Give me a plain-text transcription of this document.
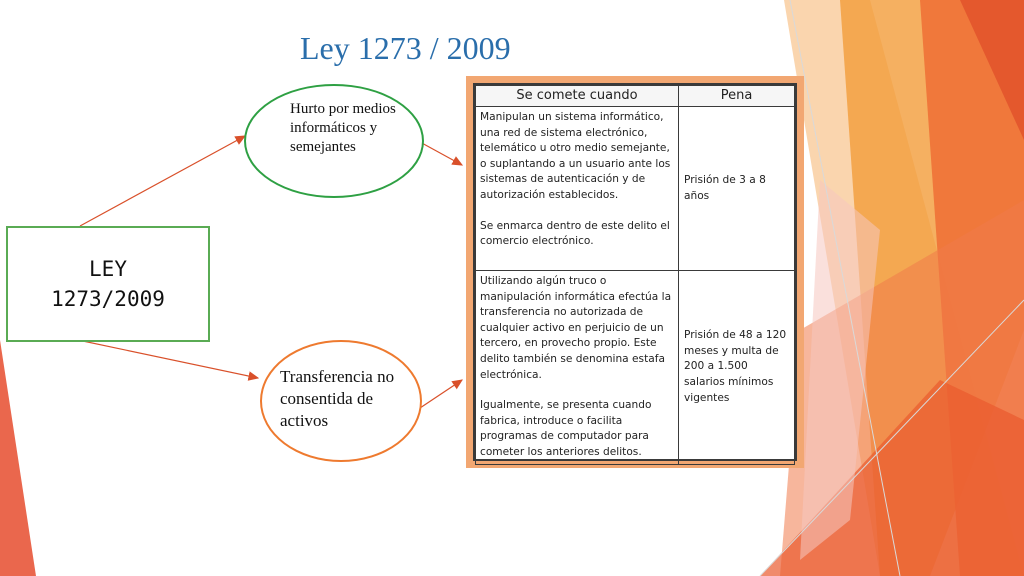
Ley 1273 / 2009
LEY
1273/2009
Hurto por medios informáticos y semejantes
Transferencia no consentida de activos
Se comete cuando	Pena

Manipulan un sistema informático, una red de sistema electrónico, telemático u otro medio semejante, o suplantando a un usuario ante los sistemas de autenticación y de autorización establecidos.

Se enmarca dentro de este delito el comercio electrónico.	Prisión de 3 a 8 años

Utilizando algún truco o manipulación informática efectúa la transferencia no autorizada de cualquier activo en perjuicio de un tercero, en provecho propio. Este delito también se denomina estafa electrónica.

Igualmente, se presenta cuando fabrica, introduce o facilita programas de computador para cometer los anteriores delitos.	Prisión de 48 a 120 meses y multa de 200 a 1.500 salarios mínimos vigentes
